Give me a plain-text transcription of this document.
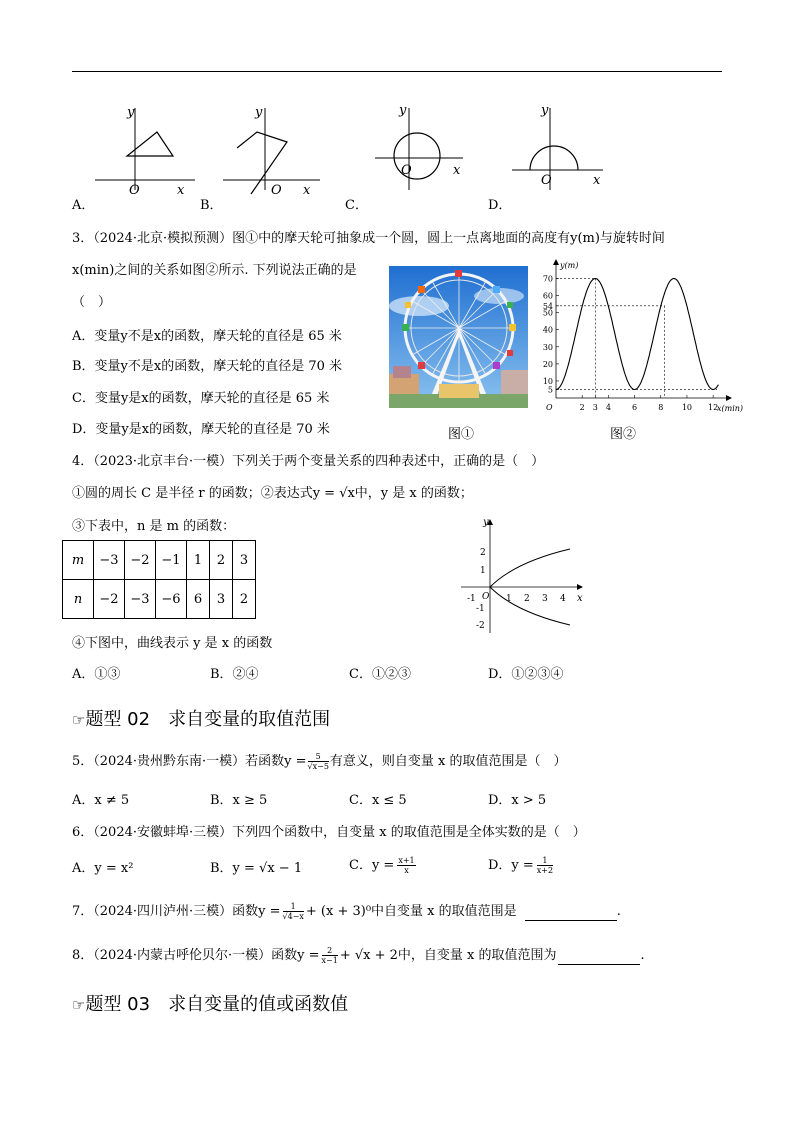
y
x
O
y
x
O
y
x
O
y
x
O
A．	B．	C．	D．
3．（2024·北京·模拟预测）图①中的摩天轮可抽象成一个圆，圆上一点离地面的高度有y(m)与旋转时间
x(min)之间的关系如图②所示. 下列说法正确的是
（　）
A．变量y不是x的函数，摩天轮的直径是 65 米
B．变量y不是x的函数，摩天轮的直径是 70 米
C．变量y是x的函数，摩天轮的直径是 65 米
D．变量y是x的函数，摩天轮的直径是 70 米	图①
y(m)
x(min)
O
5
10
20
30
40
50
54
60
70
2 3 4	6	8 10 12
图②
4．（2023·北京丰台·一模）下列关于两个变量关系的四种表述中，正确的是（　）
①圆的周长 C 是半径 r 的函数；②表达式y = √x中，y 是 x 的函数；
③下表中，n 是 m 的函数：
m	−3	−2	−1	1	2	3
n	−2	−3	−6	6	3	2
y
x
O
-1	1 2 3 4
2
1
-1
-2
④下图中，曲线表示 y 是 x 的函数
A．①③	B．②④	C．①②③	D．①②③④
☞题型 02　求自变量的取值范围
5．（2024·贵州黔东南·一模）若函数$y = \frac{5}{√x-5}$ 有意义，则自变量 x 的取值范围是（　）
A．x ≠ 5	B．x ≥ 5	C．x ≤ 5	D．x > 5
6．（2024·安徽蚌埠·三模）下列四个函数中，自变量 x 的取值范围是全体实数的是（　）
A．y = x²	B．y = √x − 1	C．$y = \frac{x+1}{x}$	D．$y = \frac{1}{x+2}$
7．（2024·四川泸州·三模）函数$y = \frac{1}{√4-x} + (x + 3)^0$中自变量 x 的取值范围是	.
8．（2024·内蒙古呼伦贝尔·一模）函数$y = \frac{2}{x-1} + √x + 2$中，自变量 x 的取值范围为	.
☞题型 03　求自变量的值或函数值
